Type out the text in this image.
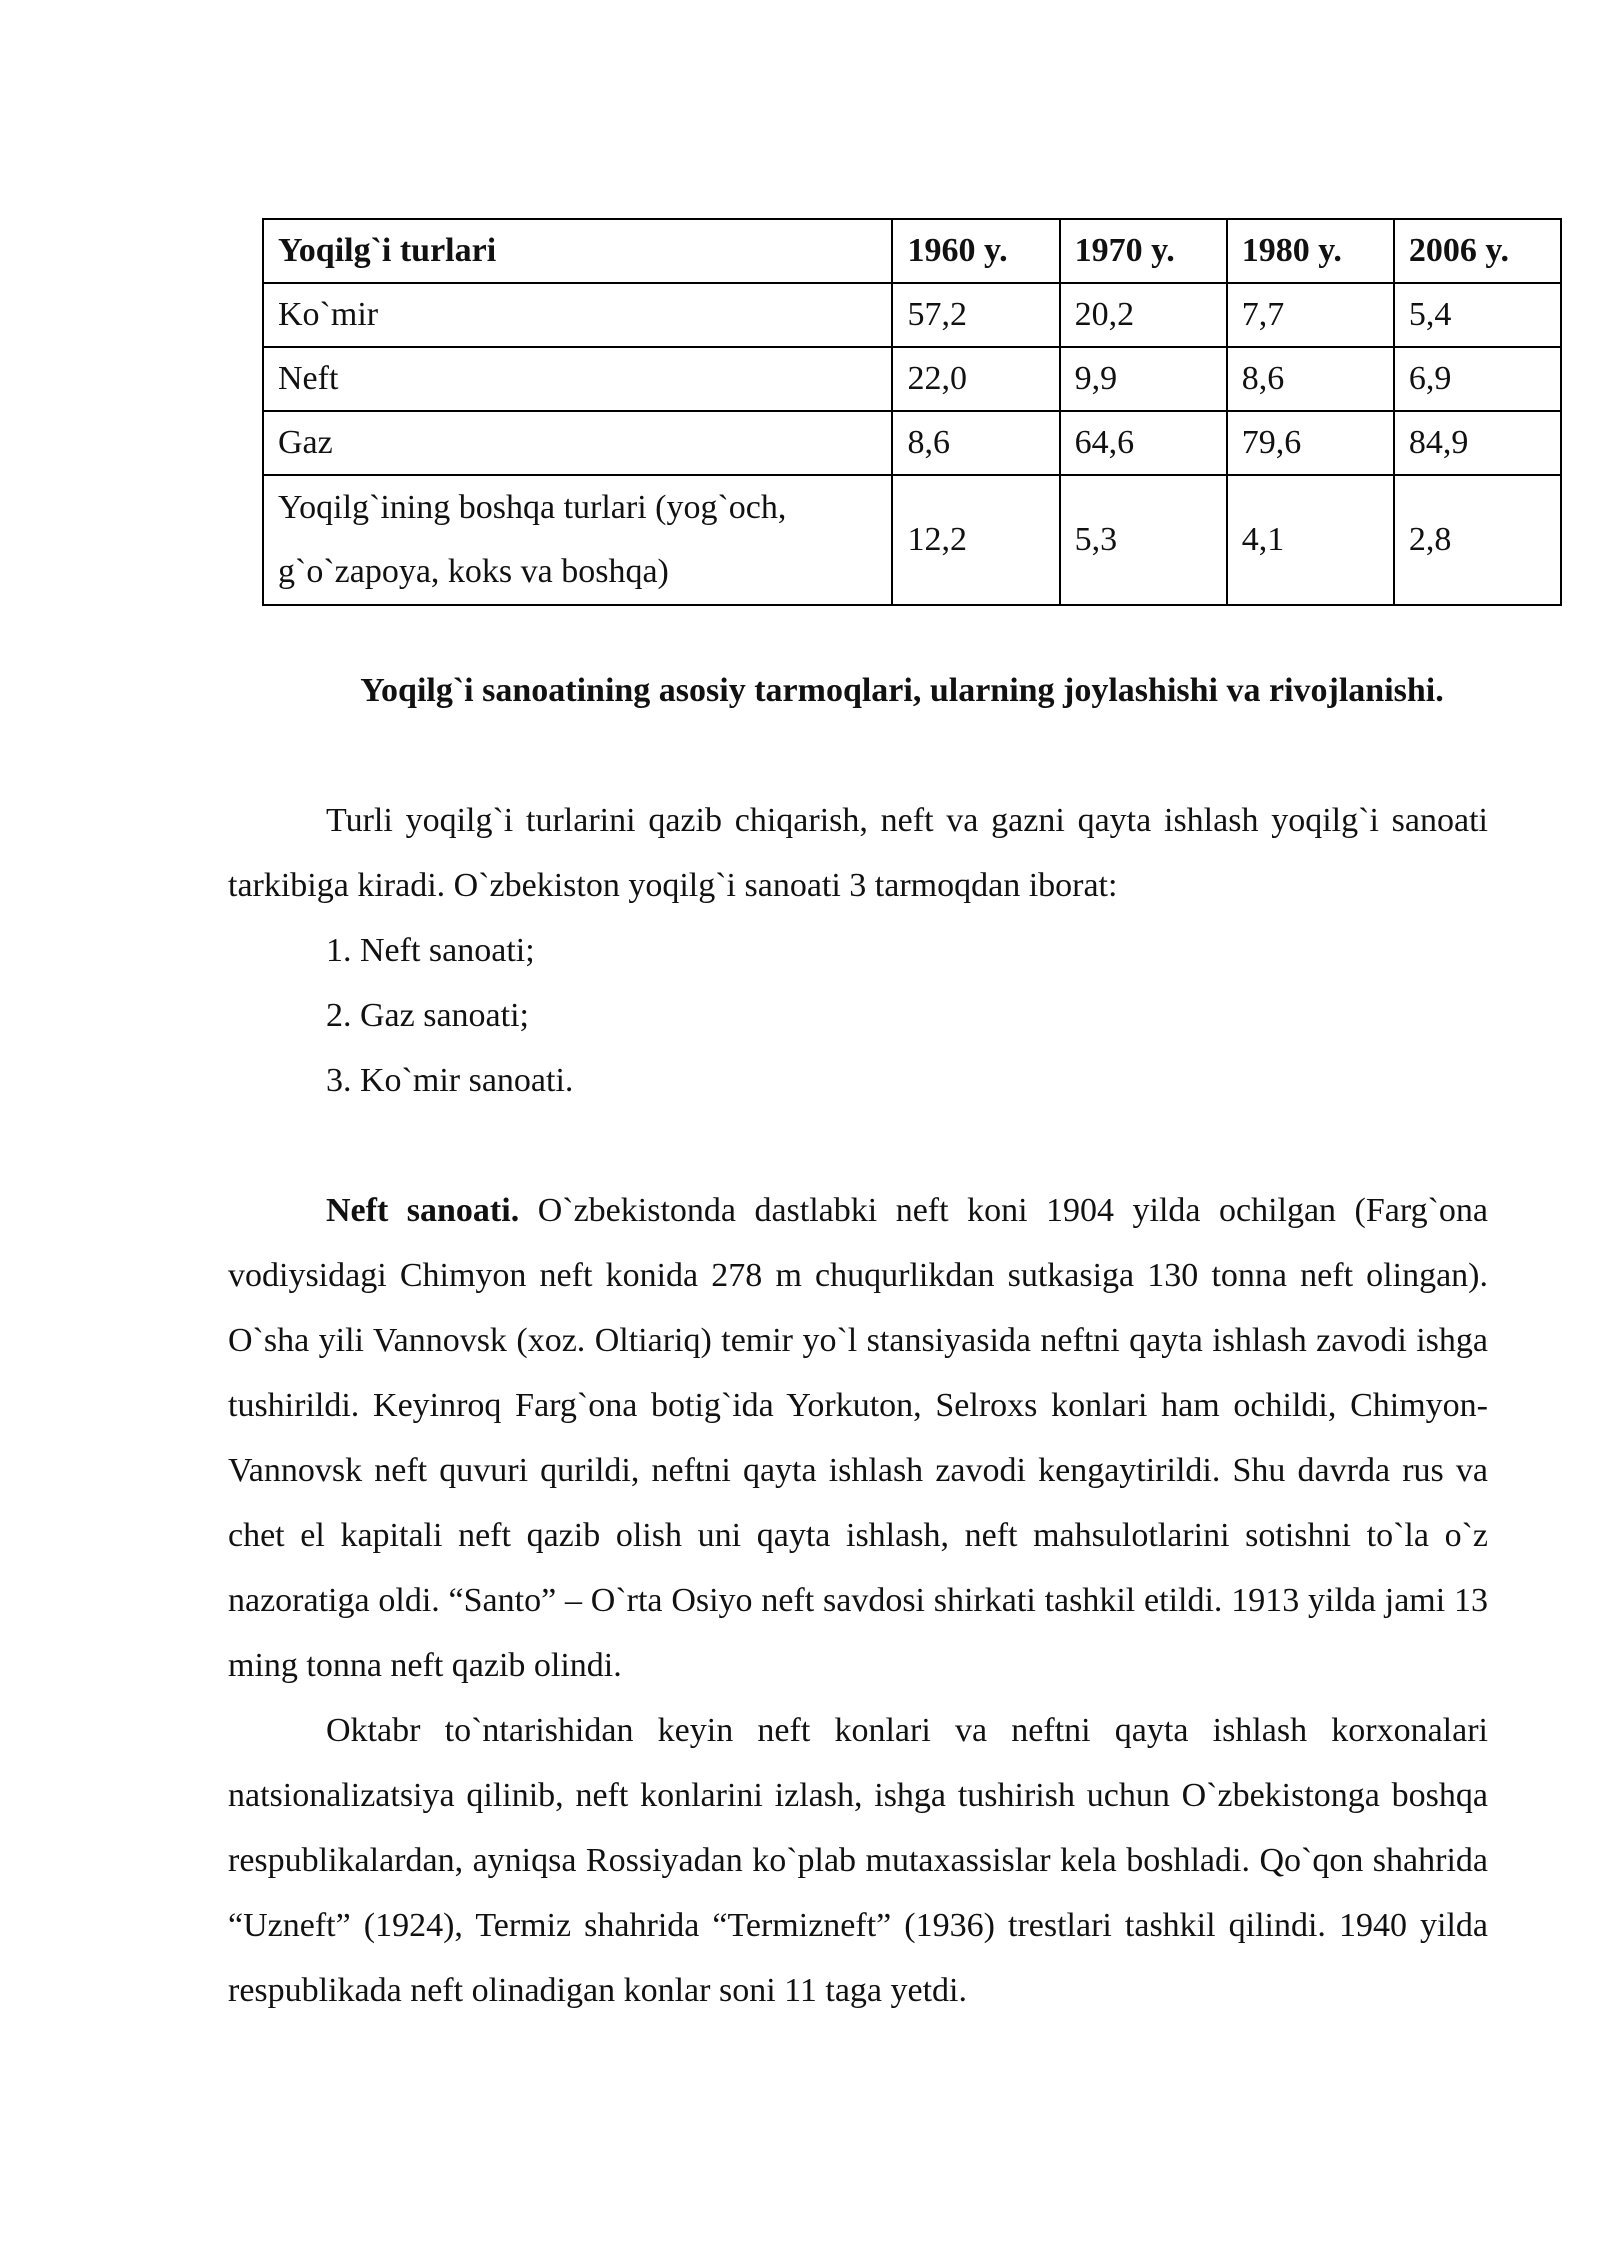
Yoqilg`i turlari	1960 y.	1970 y.	1980 y.	2006 y.
Ko`mir	57,2	20,2	7,7	5,4
Neft	22,0	9,9	8,6	6,9
Gaz	8,6	64,6	79,6	84,9
Yoqilg`ining boshqa turlari (yog`och, g`o`zapoya, koks va boshqa)	12,2	5,3	4,1	2,8
Yoqilg`i sanoatining asosiy tarmoqlari, ularning joylashishi va rivojlanishi.

Turli yoqilg`i turlarini qazib chiqarish, neft va gazni qayta ishlash yoqilg`i sanoati tarkibiga kiradi. O`zbekiston yoqilg`i sanoati 3 tarmoqdan iborat:

1. Neft sanoati;

2. Gaz sanoati;

3. Ko`mir sanoati.

Neft sanoati. O`zbekistonda dastlabki neft koni 1904 yilda ochilgan (Farg`ona vodiysidagi Chimyon neft konida 278 m chuqurlikdan sutkasiga 130 tonna neft olingan). O`sha yili Vannovsk (xoz. Oltiariq) temir yo`l stansiyasida neftni qayta ishlash zavodi ishga tushirildi. Keyinroq Farg`ona botig`ida Yorkuton, Selroxs konlari ham ochildi, Chimyon-Vannovsk neft quvuri qurildi, neftni qayta ishlash zavodi kengaytirildi. Shu davrda rus va chet el kapitali neft qazib olish uni qayta ishlash, neft mahsulotlarini sotishni to`la o`z nazoratiga oldi. “Santo” – O`rta Osiyo neft savdosi shirkati tashkil etildi. 1913 yilda jami 13 ming tonna neft qazib olindi.

Oktabr to`ntarishidan keyin neft konlari va neftni qayta ishlash korxonalari natsionalizatsiya qilinib, neft konlarini izlash, ishga tushirish uchun O`zbekistonga boshqa respublikalardan, ayniqsa Rossiyadan ko`plab mutaxassislar kela boshladi. Qo`qon shahrida “Uzneft” (1924), Termiz shahrida “Termizneft” (1936) trestlari tashkil qilindi. 1940 yilda respublikada neft olinadigan konlar soni 11 taga yetdi.
